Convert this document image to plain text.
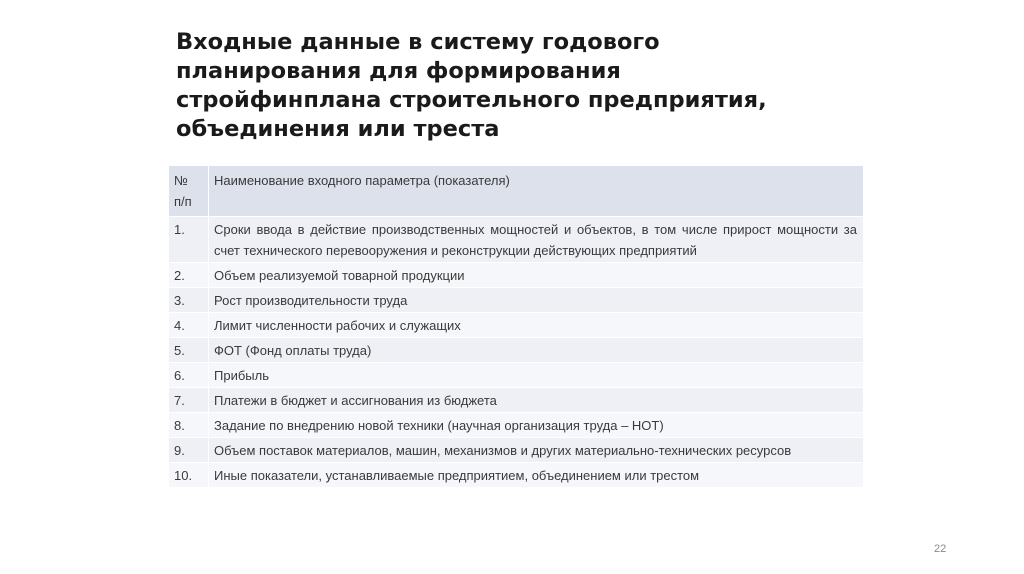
Входные данные в систему годового
планирования для формирования
стройфинплана строительного предприятия,
объединения или треста
№ п/п	Наименование входного параметра (показателя)
1.	Сроки ввода в действие производственных мощностей и объектов, в том числе прирост мощности за счет технического перевооружения и реконструкции действующих предприятий
2.	Объем реализуемой товарной продукции
3.	Рост производительности труда
4.	Лимит численности рабочих и служащих
5.	ФОТ (Фонд оплаты труда)
6.	Прибыль
7.	Платежи в бюджет и ассигнования из бюджета
8.	Задание по внедрению новой техники (научная организация труда – НОТ)
9.	Объем поставок материалов, машин, механизмов и других материально-технических ресурсов
10.	Иные показатели, устанавливаемые предприятием, объединением или трестом
22
